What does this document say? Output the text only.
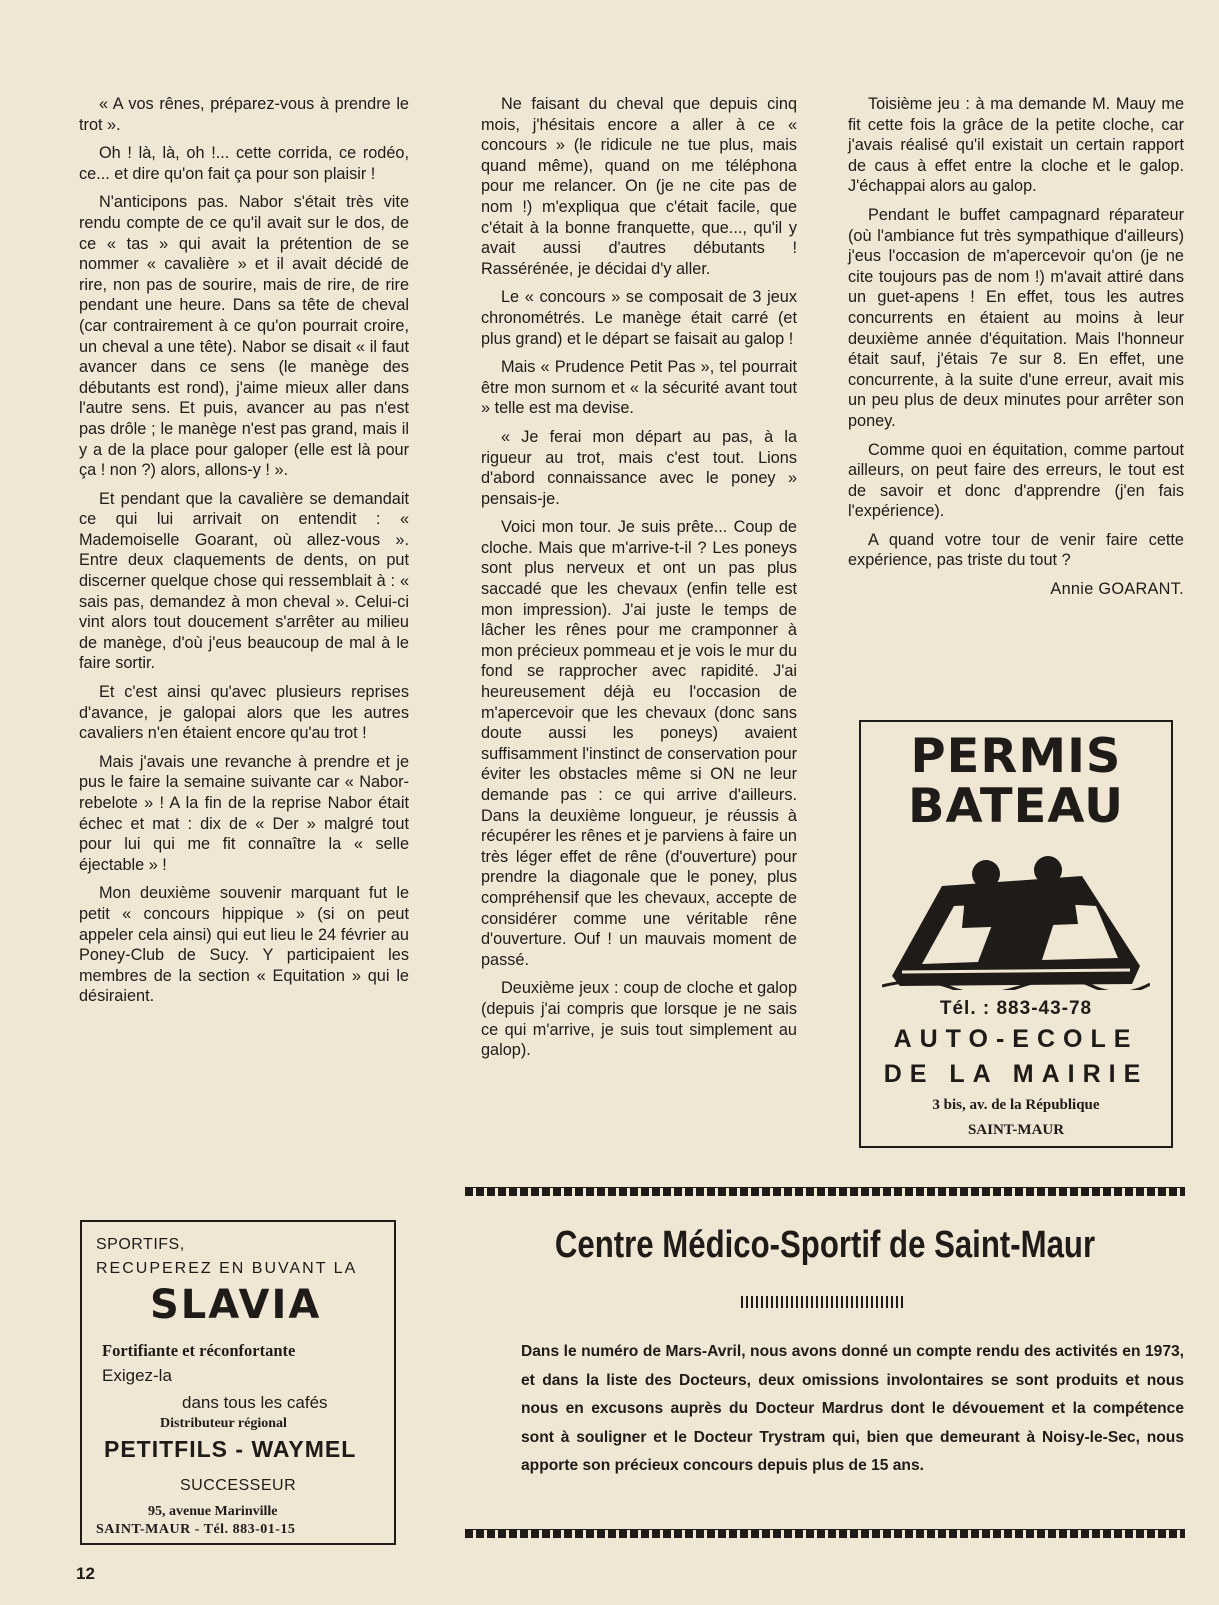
« A vos rênes, préparez-vous à prendre le trot ».

Oh ! là, là, oh !... cette corrida, ce rodéo, ce... et dire qu'on fait ça pour son plaisir !

N'anticipons pas. Nabor s'était très vite rendu compte de ce qu'il avait sur le dos, de ce « tas » qui avait la prétention de se nommer « cavalière » et il avait décidé de rire, non pas de sourire, mais de rire, de rire pendant une heure. Dans sa tête de cheval (car contrairement à ce qu'on pourrait croire, un cheval a une tête). Nabor se disait « il faut avancer dans ce sens (le manège des débutants est rond), j'aime mieux aller dans l'autre sens. Et puis, avancer au pas n'est pas drôle ; le manège n'est pas grand, mais il y a de la place pour galoper (elle est là pour ça ! non ?) alors, allons-y ! ».

Et pendant que la cavalière se demandait ce qui lui arrivait on entendit : « Mademoiselle Goarant, où allez-vous ». Entre deux claquements de dents, on put discerner quelque chose qui ressemblait à : « sais pas, demandez à mon cheval ». Celui-ci vint alors tout doucement s'arrêter au milieu de manège, d'où j'eus beaucoup de mal à le faire sortir.

Et c'est ainsi qu'avec plusieurs reprises d'avance, je galopai alors que les autres cavaliers n'en étaient encore qu'au trot !

Mais j'avais une revanche à prendre et je pus le faire la semaine suivante car « Nabor-rebelote » ! A la fin de la reprise Nabor était échec et mat : dix de « Der » malgré tout pour lui qui me fit connaître la « selle éjectable » !

Mon deuxième souvenir marquant fut le petit « concours hippique » (si on peut appeler cela ainsi) qui eut lieu le 24 février au Poney-Club de Sucy. Y participaient les membres de la section « Equitation » qui le désiraient.

Ne faisant du cheval que depuis cinq mois, j'hésitais encore a aller à ce « concours » (le ridicule ne tue plus, mais quand même), quand on me téléphona pour me relancer. On (je ne cite pas de nom !) m'expliqua que c'était facile, que c'était à la bonne franquette, que..., qu'il y avait aussi d'autres débutants ! Rassérénée, je décidai d'y aller.

Le « concours » se composait de 3 jeux chronométrés. Le manège était carré (et plus grand) et le départ se faisait au galop !

Mais « Prudence Petit Pas », tel pourrait être mon surnom et « la sécurité avant tout » telle est ma devise.

« Je ferai mon départ au pas, à la rigueur au trot, mais c'est tout. Lions d'abord connaissance avec le poney » pensais-je.

Voici mon tour. Je suis prête... Coup de cloche. Mais que m'arrive-t-il ? Les poneys sont plus nerveux et ont un pas plus saccadé que les chevaux (enfin telle est mon impression). J'ai juste le temps de lâcher les rênes pour me cramponner à mon précieux pommeau et je vois le mur du fond se rapprocher avec rapidité. J'ai heureusement déjà eu l'occasion de m'apercevoir que les chevaux (donc sans doute aussi les poneys) avaient suffisamment l'instinct de conservation pour éviter les obstacles même si ON ne leur demande pas : ce qui arrive d'ailleurs. Dans la deuxième longueur, je réussis à récupérer les rênes et je parviens à faire un très léger effet de rêne (d'ouverture) pour prendre la diagonale que le poney, plus compréhensif que les chevaux, accepte de considérer comme une véritable rêne d'ouverture. Ouf ! un mauvais moment de passé.

Deuxième jeux : coup de cloche et galop (depuis j'ai compris que lorsque je ne sais ce qui m'arrive, je suis tout simplement au galop).

Toisième jeu : à ma demande M. Mauy me fit cette fois la grâce de la petite cloche, car j'avais réalisé qu'il existait un certain rapport de caus à effet entre la cloche et le galop. J'échappai alors au galop.

Pendant le buffet campagnard réparateur (où l'ambiance fut très sympathique d'ailleurs) j'eus l'occasion de m'apercevoir qu'on (je ne cite toujours pas de nom !) m'avait attiré dans un guet-apens ! En effet, tous les autres concurrents en étaient au moins à leur deuxième année d'équitation. Mais l'honneur était sauf, j'étais 7e sur 8. En effet, une concurrente, à la suite d'une erreur, avait mis un peu plus de deux minutes pour arrêter son poney.

Comme quoi en équitation, comme partout ailleurs, on peut faire des erreurs, le tout est de savoir et donc d'apprendre (j'en fais l'expérience).

A quand votre tour de venir faire cette expérience, pas triste du tout ?

Annie GOARANT.
PERMIS
BATEAU
Tél. : 883-43-78
AUTO-ECOLE
DE LA MAIRIE
3 bis, av. de la République
SAINT-MAUR
SPORTIFS,
RECUPEREZ EN BUVANT LA
SLAVIA
Fortifiante et réconfortante
Exigez-la
dans tous les cafés
Distributeur régional
PETITFILS - WAYMEL
SUCCESSEUR
95, avenue Marinville
SAINT-MAUR - Tél. 883-01-15
Centre Médico-Sportif de Saint-Maur
Dans le numéro de Mars-Avril, nous avons donné un compte rendu des activités en 1973, et dans la liste des Docteurs, deux omissions involontaires se sont produits et nous nous en excusons auprès du Docteur Mardrus dont le dévouement et la compétence sont à souligner et le Docteur Trystram qui, bien que demeurant à Noisy-le-Sec, nous apporte son précieux concours depuis plus de 15 ans.
12
